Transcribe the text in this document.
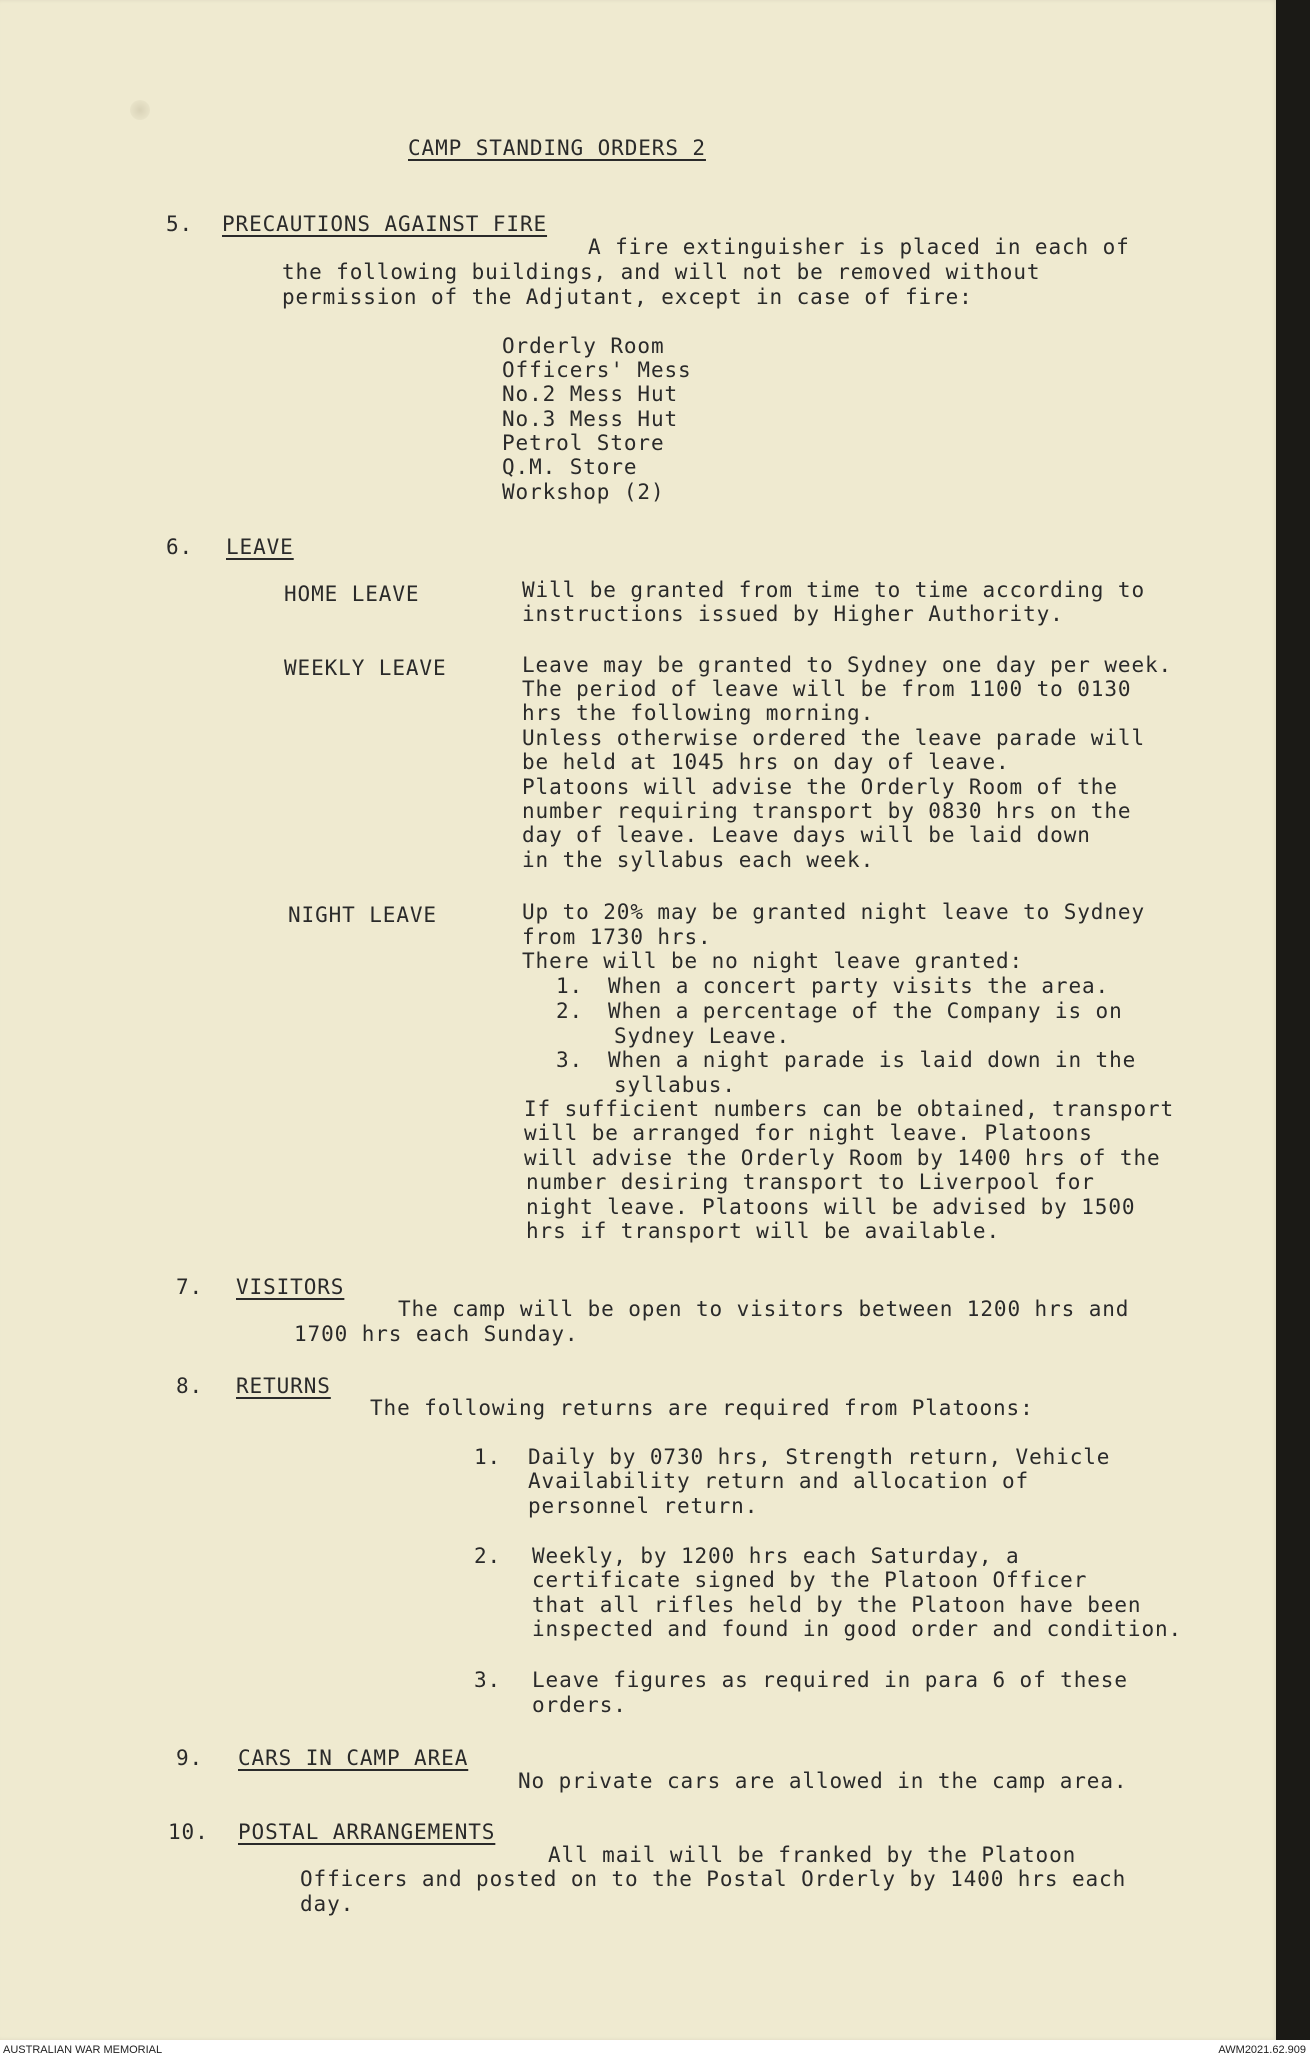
CAMP STANDING ORDERS 2
5. PRECAUTIONS AGAINST FIRE
A fire extinguisher is placed in each of
the following buildings, and will not be removed without
permission of the Adjutant, except in case of fire:
Orderly Room
Officers' Mess
No.2 Mess Hut
No.3 Mess Hut
Petrol Store
Q.M. Store
Workshop (2)
6. LEAVE
HOME LEAVE	Will be granted from time to time according to
instructions issued by Higher Authority.
WEEKLY LEAVE	Leave may be granted to Sydney one day per week.
The period of leave will be from 1100 to 0130
hrs the following morning.
Unless otherwise ordered the leave parade will
be held at 1045 hrs on day of leave.
Platoons will advise the Orderly Room of the
number requiring transport by 0830 hrs on the
day of leave. Leave days will be laid down
in the syllabus each week.
NIGHT LEAVE	Up to 20% may be granted night leave to Sydney
from 1730 hrs.
There will be no night leave granted:
1. When a concert party visits the area.
2. When a percentage of the Company is on
Sydney Leave.
3. When a night parade is laid down in the
syllabus.
If sufficient numbers can be obtained, transport
will be arranged for night leave. Platoons
will advise the Orderly Room by 1400 hrs of the
number desiring transport to Liverpool for
night leave. Platoons will be advised by 1500
hrs if transport will be available.
7. VISITORS
The camp will be open to visitors between 1200 hrs and
1700 hrs each Sunday.
8. RETURNS
The following returns are required from Platoons:
1. Daily by 0730 hrs, Strength return, Vehicle
Availability return and allocation of
personnel return.
2. Weekly, by 1200 hrs each Saturday, a
certificate signed by the Platoon Officer
that all rifles held by the Platoon have been
inspected and found in good order and condition.
3. Leave figures as required in para 6 of these
orders.
9. CARS IN CAMP AREA
No private cars are allowed in the camp area.
10. POSTAL ARRANGEMENTS
All mail will be franked by the Platoon
Officers and posted on to the Postal Orderly by 1400 hrs each
day.
AUSTRALIAN WAR MEMORIAL	AWM2021.62.909
